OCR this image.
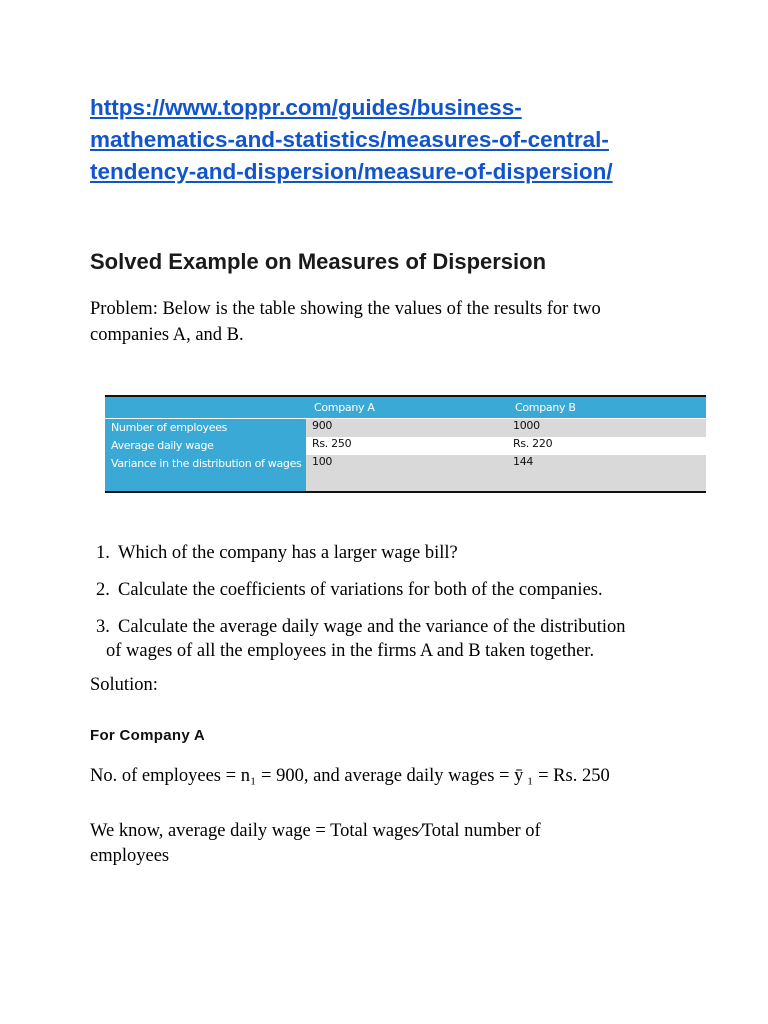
https://www.toppr.com/guides/business-
mathematics-and-statistics/measures-of-central-
tendency-and-dispersion/measure-of-dispersion/
Solved Example on Measures of Dispersion
Problem: Below is the table showing the values of the results for two
companies A, and B.
	Company A	Company B
Number of employees	900	1000
Average daily wage	Rs. 250	Rs. 220
Variance in the distribution of wages	100	144
1. Which of the company has a larger wage bill?
2. Calculate the coefficients of variations for both of the companies.
3. Calculate the average daily wage and the variance of the distribution
of wages of all the employees in the firms A and B taken together.
Solution:
For Company A
No. of employees = n₁ = 900, and average daily wages = ȳ ₁ = Rs. 250
We know, average daily wage = Total wages∕Total number of
employees
